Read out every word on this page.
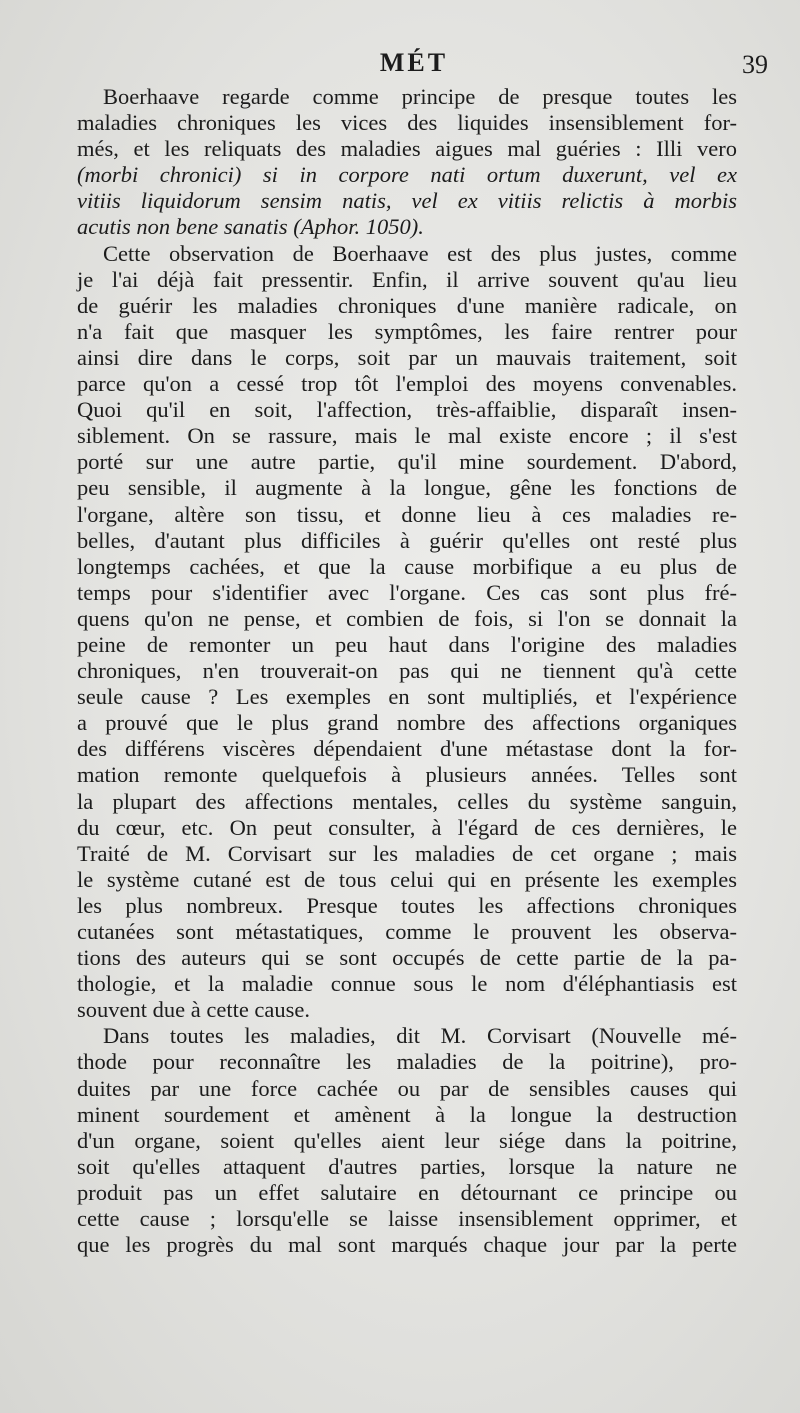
MÉT	39
Boerhaave regarde comme principe de presque toutes les
maladies chroniques les vices des liquides insensiblement for-
més, et les reliquats des maladies aigues mal guéries : Illi vero
(morbi chronici) si in corpore nati ortum duxerunt, vel ex
vitiis liquidorum sensim natis, vel ex vitiis relictis à morbis
acutis non bene sanatis (Aphor. 1050).
Cette observation de Boerhaave est des plus justes, comme
je l'ai déjà fait pressentir. Enfin, il arrive souvent qu'au lieu
de guérir les maladies chroniques d'une manière radicale, on
n'a fait que masquer les symptômes, les faire rentrer pour
ainsi dire dans le corps, soit par un mauvais traitement, soit
parce qu'on a cessé trop tôt l'emploi des moyens convenables.
Quoi qu'il en soit, l'affection, très-affaiblie, disparaît insen-
siblement. On se rassure, mais le mal existe encore ; il s'est
porté sur une autre partie, qu'il mine sourdement. D'abord,
peu sensible, il augmente à la longue, gêne les fonctions de
l'organe, altère son tissu, et donne lieu à ces maladies re-
belles, d'autant plus difficiles à guérir qu'elles ont resté plus
longtemps cachées, et que la cause morbifique a eu plus de
temps pour s'identifier avec l'organe. Ces cas sont plus fré-
quens qu'on ne pense, et combien de fois, si l'on se donnait la
peine de remonter un peu haut dans l'origine des maladies
chroniques, n'en trouverait-on pas qui ne tiennent qu'à cette
seule cause ? Les exemples en sont multipliés, et l'expérience
a prouvé que le plus grand nombre des affections organiques
des différens viscères dépendaient d'une métastase dont la for-
mation remonte quelquefois à plusieurs années. Telles sont
la plupart des affections mentales, celles du système sanguin,
du cœur, etc. On peut consulter, à l'égard de ces dernières, le
Traité de M. Corvisart sur les maladies de cet organe ; mais
le système cutané est de tous celui qui en présente les exemples
les plus nombreux. Presque toutes les affections chroniques
cutanées sont métastatiques, comme le prouvent les observa-
tions des auteurs qui se sont occupés de cette partie de la pa-
thologie, et la maladie connue sous le nom d'éléphantiasis est
souvent due à cette cause.
Dans toutes les maladies, dit M. Corvisart (Nouvelle mé-
thode pour reconnaître les maladies de la poitrine), pro-
duites par une force cachée ou par de sensibles causes qui
minent sourdement et amènent à la longue la destruction
d'un organe, soient qu'elles aient leur siége dans la poitrine,
soit qu'elles attaquent d'autres parties, lorsque la nature ne
produit pas un effet salutaire en détournant ce principe ou
cette cause ; lorsqu'elle se laisse insensiblement opprimer, et
que les progrès du mal sont marqués chaque jour par la perte
